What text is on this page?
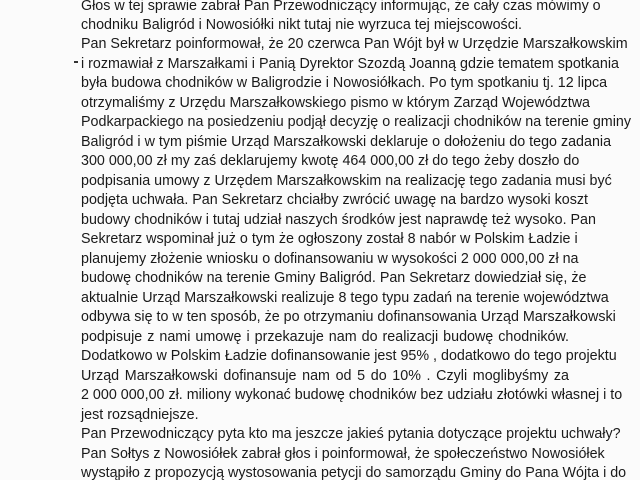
Głos w tej sprawie zabrał Pan Przewodniczący informując, że cały czas mówimy o
chodniku Baligród i Nowosiółki nikt tutaj nie wyrzuca tej miejscowości.
Pan Sekretarz poinformował, że 20 czerwca Pan Wójt był w Urzędzie Marszałkowskim
i rozmawiał z Marszałkami i Panią Dyrektor Szozdą Joanną gdzie tematem spotkania
była budowa chodników w Baligrodzie i Nowosiółkach. Po tym spotkaniu tj. 12 lipca
otrzymaliśmy z Urzędu Marszałkowskiego pismo w którym Zarząd Województwa
Podkarpackiego na posiedzeniu podjął decyzję o realizacji chodników na terenie gminy
Baligród i w tym piśmie Urząd Marszałkowski deklaruje o dołożeniu do tego zadania
300 000,00 zł my zaś deklarujemy kwotę 464 000,00 zł do tego żeby doszło do
podpisania umowy z Urzędem Marszałkowskim na realizację tego zadania musi być
podjęta uchwała. Pan Sekretarz chciałby zwrócić uwagę na bardzo wysoki koszt
budowy chodników i tutaj udział naszych środków jest naprawdę też wysoko. Pan
Sekretarz wspominał już o tym że ogłoszony został 8 nabór w Polskim Ładzie i
planujemy złożenie wniosku o dofinansowaniu w wysokości 2 000 000,00 zł na
budowę chodników na terenie Gminy Baligród. Pan Sekretarz dowiedział się, że
aktualnie Urząd Marszałkowski realizuje 8 tego typu zadań na terenie województwa
odbywa się to w ten sposób, że po otrzymaniu dofinansowania Urząd Marszałkowski
podpisuje z nami umowę i przekazuje nam do realizacji budowę chodników.
Dodatkowo w Polskim Ładzie dofinansowanie jest 95% , dodatkowo do tego projektu
Urząd Marszałkowski dofinansuje nam od 5 do 10% . Czyli moglibyśmy za
2 000 000,00 zł. miliony wykonać budowę chodników bez udziału złotówki własnej i to
jest rozsądniejsze.
Pan Przewodniczący pyta kto ma jeszcze jakieś pytania dotyczące projektu uchwały?
Pan Sołtys z Nowosiółek zabrał głos i poinformował, że społeczeństwo Nowosiółek
wystąpiło z propozycją wystosowania petycji do samorządu Gminy do Pana Wójta i do
